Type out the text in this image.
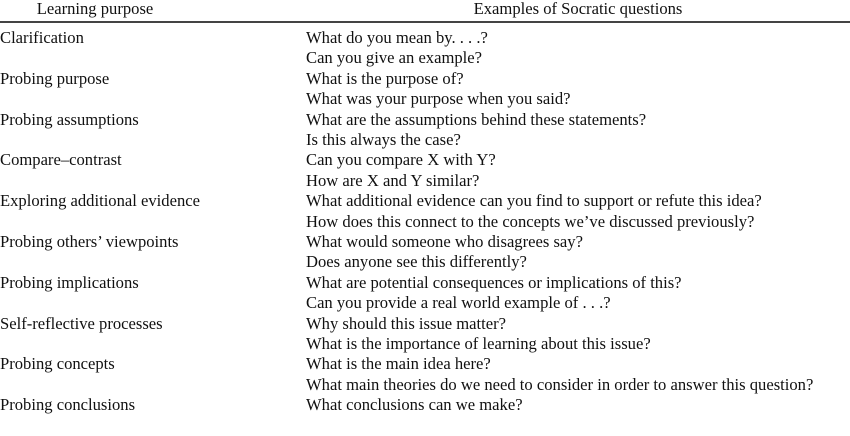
Learning purpose	Examples of Socratic questions
Clarification	What do you mean by. . . .?
Can you give an example?
Probing purpose	What is the purpose of?
What was your purpose when you said?
Probing assumptions	What are the assumptions behind these statements?
Is this always the case?
Compare–contrast	Can you compare X with Y?
How are X and Y similar?
Exploring additional evidence	What additional evidence can you find to support or refute this idea?
How does this connect to the concepts we’ve discussed previously?
Probing others’ viewpoints	What would someone who disagrees say?
Does anyone see this differently?
Probing implications	What are potential consequences or implications of this?
Can you provide a real world example of . . .?
Self-reflective processes	Why should this issue matter?
What is the importance of learning about this issue?
Probing concepts	What is the main idea here?
What main theories do we need to consider in order to answer this question?
Probing conclusions	What conclusions can we make?
